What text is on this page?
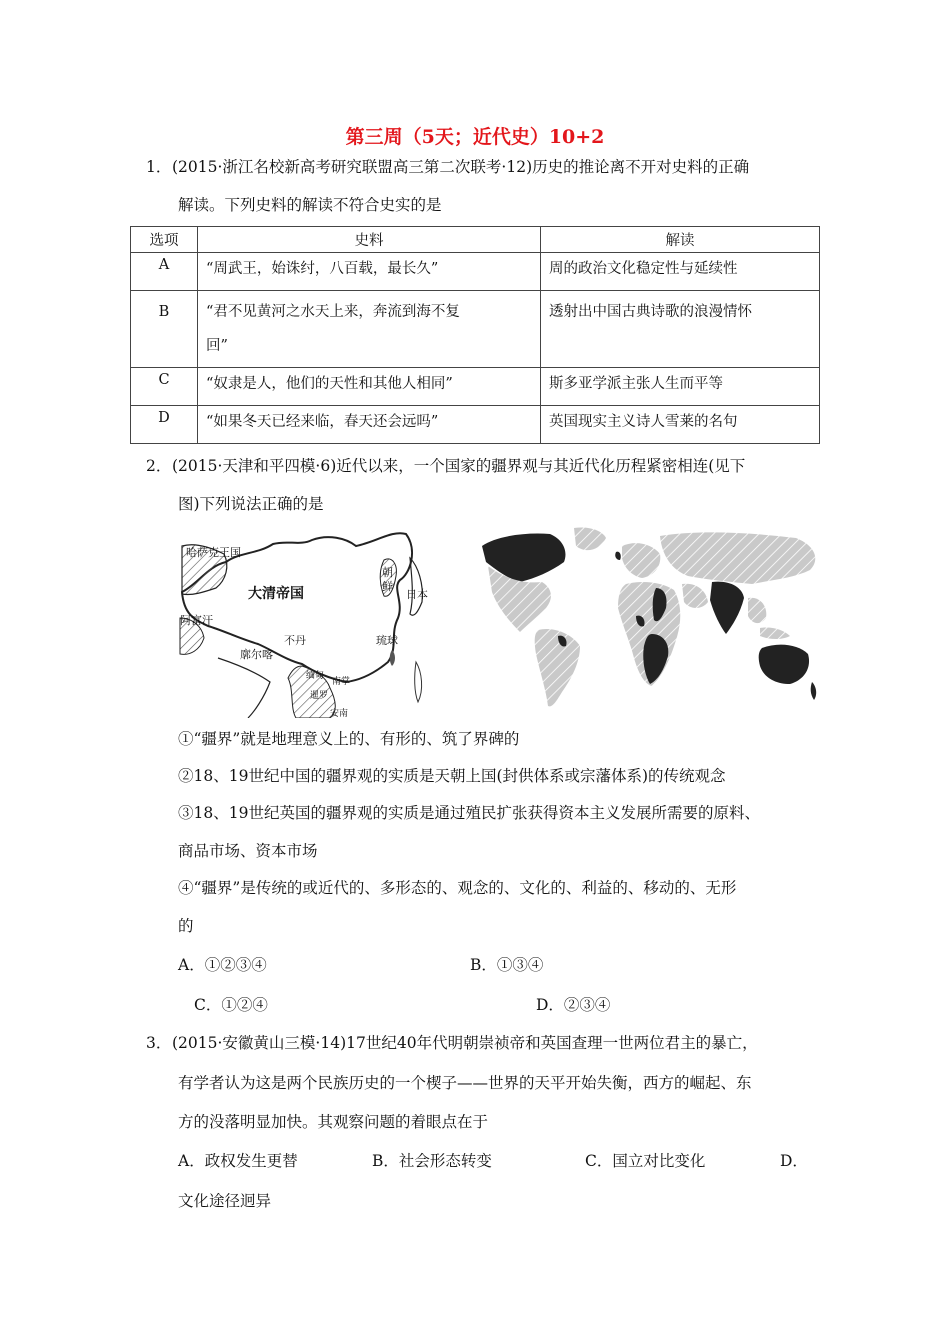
第三周（5天；近代史）10+2
1． (2015·浙江名校新高考研究联盟高三第二次联考·12)历史的推论离不开对史料的正确
解读。下列史料的解读不符合史实的是
选项	史料	解读
A	“周武王，始诛纣，八百载，最长久”	周的政治文化稳定性与延续性
B	“君不见黄河之水天上来，奔流到海不复
回”	透射出中国古典诗歌的浪漫情怀
C	“奴隶是人，他们的天性和其他人相同”	斯多亚学派主张人生而平等
D	“如果冬天已经来临，春天还会远吗”	英国现实主义诗人雪莱的名句
2． (2015·天津和平四模·6)近代以来，一个国家的疆界观与其近代化历程紧密相连(见下
图)下列说法正确的是
哈萨克王国
大清帝国
朝
鲜
日本
阿富汗
不丹	琉球
廓尔喀
缅甸
南掌
暹罗
安南
①“疆界”就是地理意义上的、有形的、筑了界碑的
②18、19世纪中国的疆界观的实质是天朝上国(封供体系或宗藩体系)的传统观念
③18、19世纪英国的疆界观的实质是通过殖民扩张获得资本主义发展所需要的原料、
商品市场、资本市场
④“疆界”是传统的或近代的、多形态的、观念的、文化的、利益的、移动的、无形
的
A．①②③④	B．①③④
C．①②④	D．②③④
3． (2015·安徽黄山三模·14)17世纪40年代明朝崇祯帝和英国查理一世两位君主的暴亡，
有学者认为这是两个民族历史的一个楔子——世界的天平开始失衡，西方的崛起、东
方的没落明显加快。其观察问题的着眼点在于
A．政权发生更替	B．社会形态转变	C．国立对比变化	D．
文化途径迥异
